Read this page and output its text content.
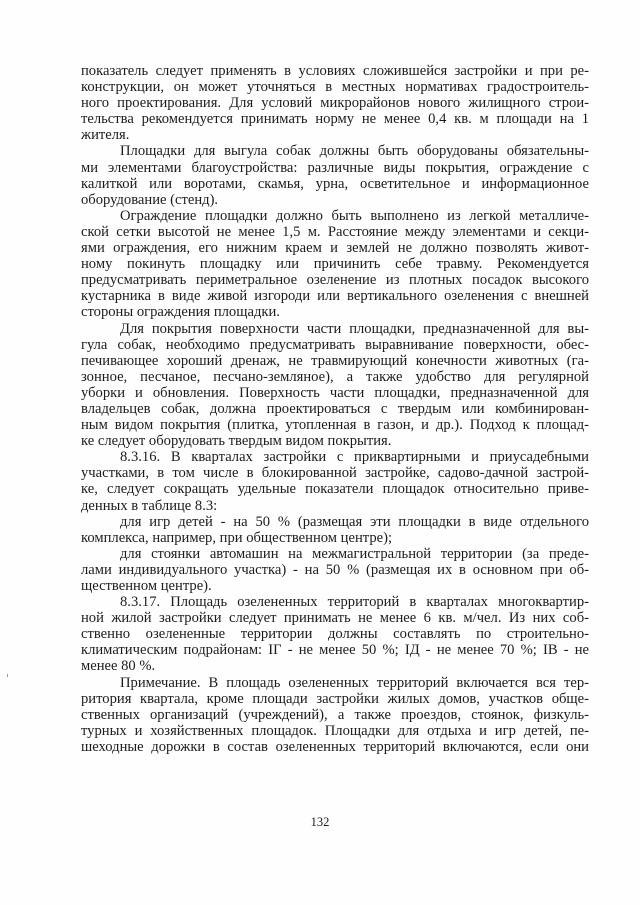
показатель следует применять в условиях сложившейся застройки и при ре-
конструкции, он может уточняться в местных нормативах градостроитель-
ного проектирования. Для условий микрорайонов нового жилищного строи-
тельства рекомендуется принимать норму не менее 0,4 кв. м площади на 1
жителя.
Площадки для выгула собак должны быть оборудованы обязательны-
ми элементами благоустройства: различные виды покрытия, ограждение с
калиткой или воротами, скамья, урна, осветительное и информационное
оборудование (стенд).
Ограждение площадки должно быть выполнено из легкой металличе-
ской сетки высотой не менее 1,5 м. Расстояние между элементами и секци-
ями ограждения, его нижним краем и землей не должно позволять живот-
ному покинуть площадку или причинить себе травму. Рекомендуется
предусматривать периметральное озеленение из плотных посадок высокого
кустарника в виде живой изгороди или вертикального озеленения с внешней
стороны ограждения площадки.
Для покрытия поверхности части площадки, предназначенной для вы-
гула собак, необходимо предусматривать выравнивание поверхности, обес-
печивающее хороший дренаж, не травмирующий конечности животных (га-
зонное, песчаное, песчано-земляное), а также удобство для регулярной
уборки и обновления. Поверхность части площадки, предназначенной для
владельцев собак, должна проектироваться с твердым или комбинирован-
ным видом покрытия (плитка, утопленная в газон, и др.). Подход к площад-
ке следует оборудовать твердым видом покрытия.
8.3.16. В кварталах застройки с приквартирными и приусадебными
участками, в том числе в блокированной застройке, садово-дачной застрой-
ке, следует сокращать удельные показатели площадок относительно приве-
денных в таблице 8.3:
для игр детей - на 50 % (размещая эти площадки в виде отдельного
комплекса, например, при общественном центре);
для стоянки автомашин на межмагистральной территории (за преде-
лами индивидуального участка) - на 50 % (размещая их в основном при об-
щественном центре).
8.3.17. Площадь озелененных территорий в кварталах многоквартир-
ной жилой застройки следует принимать не менее 6 кв. м/чел. Из них соб-
ственно озелененные территории должны составлять по строительно-
климатическим подрайонам: IГ - не менее 50 %; IД - не менее 70 %; IB - не
менее 80 %.
Примечание. В площадь озелененных территорий включается вся тер-
ритория квартала, кроме площади застройки жилых домов, участков обще-
ственных организаций (учреждений), а также проездов, стоянок, физкуль-
турных и хозяйственных площадок. Площадки для отдыха и игр детей, пе-
шеходные дорожки в состав озелененных территорий включаются, если они
132
